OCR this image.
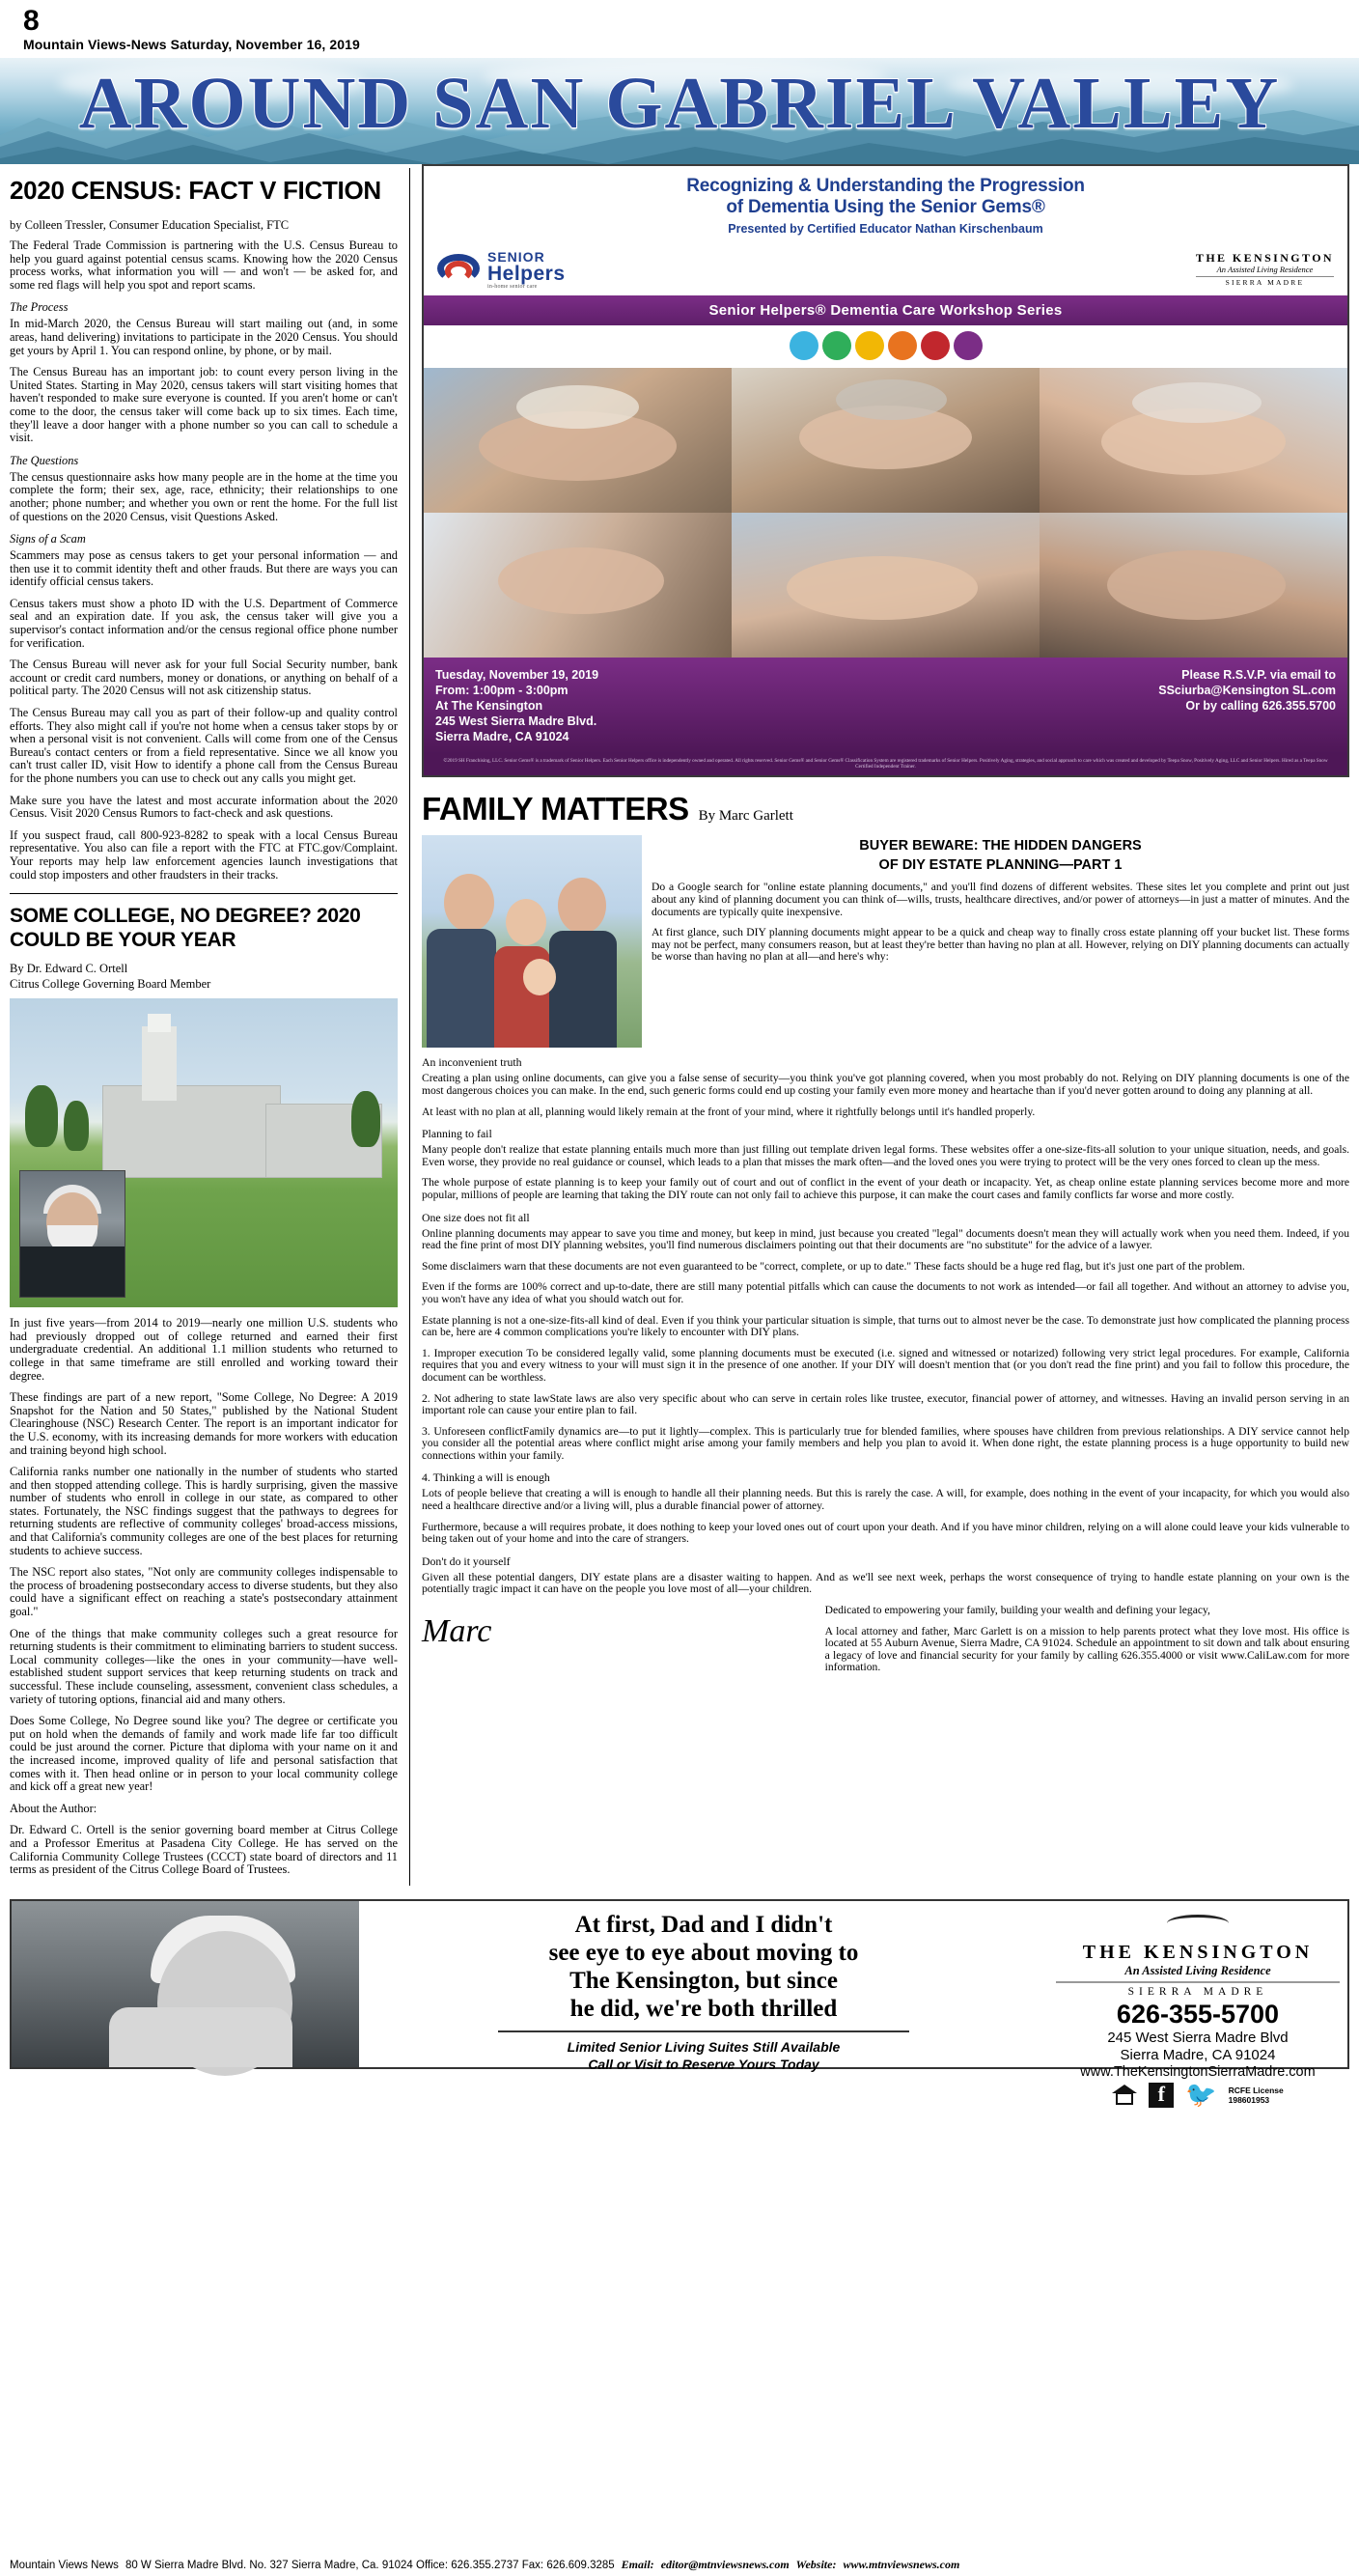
8
Mountain Views-News Saturday, November 16, 2019
AROUND SAN GABRIEL VALLEY
2020 CENSUS: FACT V FICTION
by Colleen Tressler, Consumer Education Specialist, FTC

The Federal Trade Commission is partnering with the U.S. Census Bureau to help you guard against potential census scams. Knowing how the 2020 Census process works, what information you will — and won't — be asked for, and some red flags will help you spot and report scams.

The Process

In mid-March 2020, the Census Bureau will start mailing out (and, in some areas, hand delivering) invitations to participate in the 2020 Census. You should get yours by April 1. You can respond online, by phone, or by mail.

The Census Bureau has an important job: to count every person living in the United States. Starting in May 2020, census takers will start visiting homes that haven't responded to make sure everyone is counted. If you aren't home or can't come to the door, the census taker will come back up to six times. Each time, they'll leave a door hanger with a phone number so you can call to schedule a visit.

The Questions

The census questionnaire asks how many people are in the home at the time you complete the form; their sex, age, race, ethnicity; their relationships to one another; phone number; and whether you own or rent the home. For the full list of questions on the 2020 Census, visit Questions Asked.

Signs of a Scam

Scammers may pose as census takers to get your personal information — and then use it to commit identity theft and other frauds. But there are ways you can identify official census takers.

Census takers must show a photo ID with the U.S. Department of Commerce seal and an expiration date. If you ask, the census taker will give you a supervisor's contact information and/or the census regional office phone number for verification.

The Census Bureau will never ask for your full Social Security number, bank account or credit card numbers, money or donations, or anything on behalf of a political party. The 2020 Census will not ask citizenship status.

The Census Bureau may call you as part of their follow-up and quality control efforts. They also might call if you're not home when a census taker stops by or when a personal visit is not convenient. Calls will come from one of the Census Bureau's contact centers or from a field representative. Since we all know you can't trust caller ID, visit How to identify a phone call from the Census Bureau for the phone numbers you can use to check out any calls you might get.

Make sure you have the latest and most accurate information about the 2020 Census. Visit 2020 Census Rumors to fact-check and ask questions.

If you suspect fraud, call 800-923-8282 to speak with a local Census Bureau representative. You also can file a report with the FTC at FTC.gov/Complaint. Your reports may help law enforcement agencies launch investigations that could stop imposters and other fraudsters in their tracks.

SOME COLLEGE, NO DEGREE? 2020 COULD BE YOUR YEAR
By Dr. Edward C. Ortell
Citrus College Governing Board Member

In just five years—from 2014 to 2019—nearly one million U.S. students who had previously dropped out of college returned and earned their first undergraduate credential. An additional 1.1 million students who returned to college in that same timeframe are still enrolled and working toward their degree.

These findings are part of a new report, "Some College, No Degree: A 2019 Snapshot for the Nation and 50 States," published by the National Student Clearinghouse (NSC) Research Center. The report is an important indicator for the U.S. economy, with its increasing demands for more workers with education and training beyond high school.

California ranks number one nationally in the number of students who started and then stopped attending college. This is hardly surprising, given the massive number of students who enroll in college in our state, as compared to other states. Fortunately, the NSC findings suggest that the pathways to degrees for returning students are reflective of community colleges' broad-access missions, and that California's community colleges are one of the best places for returning students to achieve success.

The NSC report also states, "Not only are community colleges indispensable to the process of broadening postsecondary access to diverse students, but they also could have a significant effect on reaching a state's postsecondary attainment goal."

One of the things that make community colleges such a great resource for returning students is their commitment to eliminating barriers to student success. Local community colleges—like the ones in your community—have well-established student support services that keep returning students on track and successful. These include counseling, assessment, convenient class schedules, a variety of tutoring options, financial aid and many others.

Does Some College, No Degree sound like you? The degree or certificate you put on hold when the demands of family and work made life far too difficult could be just around the corner. Picture that diploma with your name on it and the increased income, improved quality of life and personal satisfaction that comes with it. Then head online or in person to your local community college and kick off a great new year!

About the Author:

Dr. Edward C. Ortell is the senior governing board member at Citrus College and a Professor Emeritus at Pasadena City College. He has served on the California Community College Trustees (CCCT) state board of directors and 11 terms as president of the Citrus College Board of Trustees.

Recognizing & Understanding the Progression
of Dementia Using the Senior Gems®
Presented by Certified Educator Nathan Kirschenbaum
SENIOR
Helpers
in-home senior care
THE KENSINGTON
An Assisted Living Residence
SIERRA MADRE
Senior Helpers® Dementia Care Workshop Series
Tuesday, November 19, 2019
From: 1:00pm - 3:00pm
At The Kensington
245 West Sierra Madre Blvd.
Sierra Madre, CA 91024
Please R.S.V.P. via email to
SSciurba@Kensington SL.com
Or by calling 626.355.5700
©2019 SH Franchising, LLC. Senior Gems® is a trademark of Senior Helpers. Each Senior Helpers office is independently owned and operated. All rights reserved. Senior Gems® and Senior Gems® Classification System are registered trademarks of Senior Helpers. Positively Aging, strategies, and social approach to care which was created and developed by Teepa Snow, Positively Aging, LLC and Senior Helpers. Hired as a Teepa Snow Certified Independent Trainer.
FAMILY MATTERS By Marc Garlett
BUYER BEWARE: THE HIDDEN DANGERS
OF DIY ESTATE PLANNING—PART 1

Do a Google search for "online estate planning documents," and you'll find dozens of different websites. These sites let you complete and print out just about any kind of planning document you can think of—wills, trusts, healthcare directives, and/or power of attorneys—in just a matter of minutes. And the documents are typically quite inexpensive.

At first glance, such DIY planning documents might appear to be a quick and cheap way to finally cross estate planning off your bucket list. These forms may not be perfect, many consumers reason, but at least they're better than having no plan at all. However, relying on DIY planning documents can actually be worse than having no plan at all—and here's why:

An inconvenient truth

Creating a plan using online documents, can give you a false sense of security—you think you've got planning covered, when you most probably do not. Relying on DIY planning documents is one of the most dangerous choices you can make. In the end, such generic forms could end up costing your family even more money and heartache than if you'd never gotten around to doing any planning at all.

At least with no plan at all, planning would likely remain at the front of your mind, where it rightfully belongs until it's handled properly.

Planning to fail

Many people don't realize that estate planning entails much more than just filling out template driven legal forms. These websites offer a one-size-fits-all solution to your unique situation, needs, and goals. Even worse, they provide no real guidance or counsel, which leads to a plan that misses the mark often—and the loved ones you were trying to protect will be the very ones forced to clean up the mess.

The whole purpose of estate planning is to keep your family out of court and out of conflict in the event of your death or incapacity. Yet, as cheap online estate planning services become more and more popular, millions of people are learning that taking the DIY route can not only fail to achieve this purpose, it can make the court cases and family conflicts far worse and more costly.

One size does not fit all

Online planning documents may appear to save you time and money, but keep in mind, just because you created "legal" documents doesn't mean they will actually work when you need them. Indeed, if you read the fine print of most DIY planning websites, you'll find numerous disclaimers pointing out that their documents are "no substitute" for the advice of a lawyer.

Some disclaimers warn that these documents are not even guaranteed to be "correct, complete, or up to date." These facts should be a huge red flag, but it's just one part of the problem.

Even if the forms are 100% correct and up-to-date, there are still many potential pitfalls which can cause the documents to not work as intended—or fail all together. And without an attorney to advise you, you won't have any idea of what you should watch out for.

Estate planning is not a one-size-fits-all kind of deal. Even if you think your particular situation is simple, that turns out to almost never be the case. To demonstrate just how complicated the planning process can be, here are 4 common complications you're likely to encounter with DIY plans.

1. Improper execution To be considered legally valid, some planning documents must be executed (i.e. signed and witnessed or notarized) following very strict legal procedures. For example, California requires that you and every witness to your will must sign it in the presence of one another. If your DIY will doesn't mention that (or you don't read the fine print) and you fail to follow this procedure, the document can be worthless.

2. Not adhering to state lawState laws are also very specific about who can serve in certain roles like trustee, executor, financial power of attorney, and witnesses. Having an invalid person serving in an important role can cause your entire plan to fail.

3. Unforeseen conflictFamily dynamics are—to put it lightly—complex. This is particularly true for blended families, where spouses have children from previous relationships. A DIY service cannot help you consider all the potential areas where conflict might arise among your family members and help you plan to avoid it. When done right, the estate planning process is a huge opportunity to build new connections within your family.

4. Thinking a will is enough

Lots of people believe that creating a will is enough to handle all their planning needs. But this is rarely the case. A will, for example, does nothing in the event of your incapacity, for which you would also need a healthcare directive and/or a living will, plus a durable financial power of attorney.

Furthermore, because a will requires probate, it does nothing to keep your loved ones out of court upon your death. And if you have minor children, relying on a will alone could leave your kids vulnerable to being taken out of your home and into the care of strangers.

Don't do it yourself

Given all these potential dangers, DIY estate plans are a disaster waiting to happen. And as we'll see next week, perhaps the worst consequence of trying to handle estate planning on your own is the potentially tragic impact it can have on the people you love most of all—your children.

Marc

Dedicated to empowering your family, building your wealth and defining your legacy,

A local attorney and father, Marc Garlett is on a mission to help parents protect what they love most. His office is located at 55 Auburn Avenue, Sierra Madre, CA 91024. Schedule an appointment to sit down and talk about ensuring a legacy of love and financial security for your family by calling 626.355.4000 or visit www.CaliLaw.com for more information.

At first, Dad and I didn't
see eye to eye about moving to
The Kensington, but since
he did, we're both thrilled
Limited Senior Living Suites Still Available
Call or Visit to Reserve Yours Today
THE KENSINGTON
An Assisted Living Residence
SIERRA MADRE
626-355-5700
245 West Sierra Madre Blvd
Sierra Madre, CA 91024
www.TheKensingtonSierraMadre.com
f 🐦 RCFE License
198601953
Mountain Views News 80 W Sierra Madre Blvd. No. 327 Sierra Madre, Ca. 91024 Office: 626.355.2737 Fax: 626.609.3285 Email: editor@mtnviewsnews.com Website: www.mtnviewsnews.com
